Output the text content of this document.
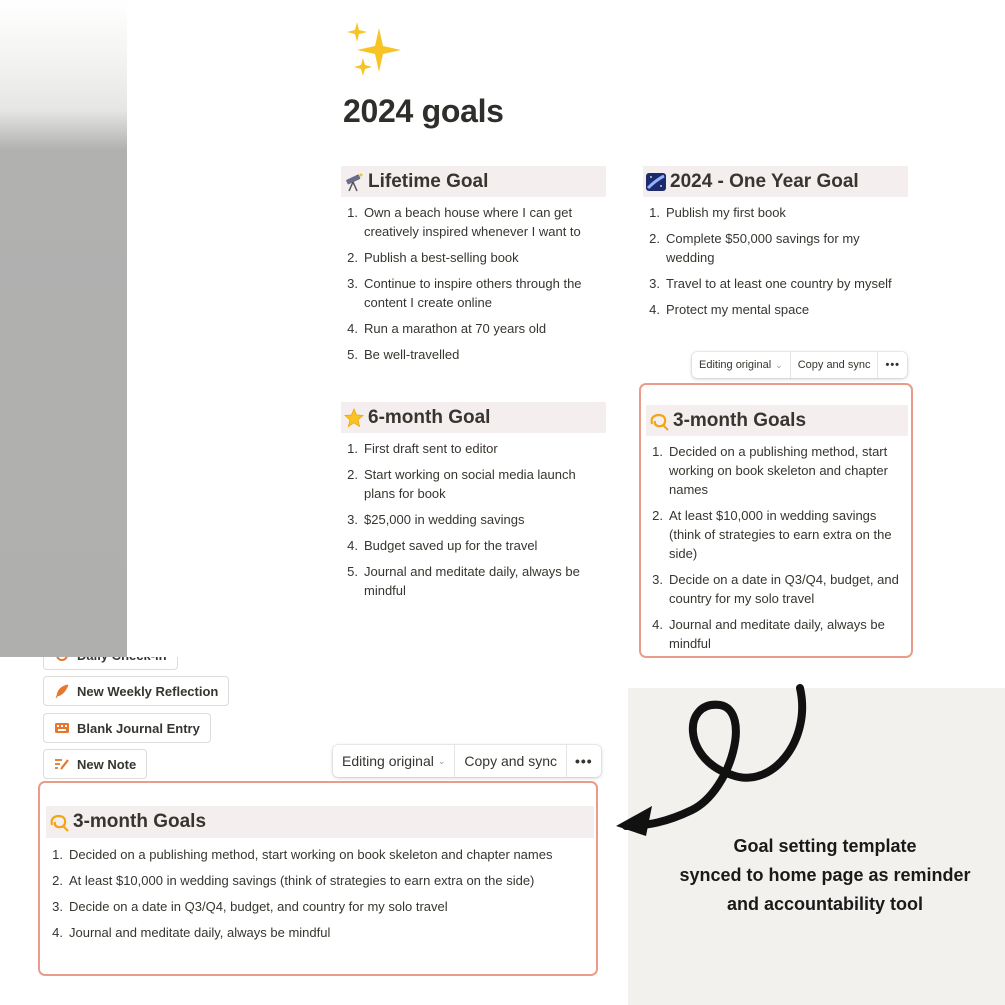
2024 goals
Lifetime Goal
1. Own a beach house where I can get creatively inspired whenever I want to
2. Publish a best-selling book
3. Continue to inspire others through the content I create online
4. Run a marathon at 70 years old
5. Be well-travelled
2024 - One Year Goal
1. Publish my first book
2. Complete $50,000 savings for my wedding
3. Travel to at least one country by myself
4. Protect my mental space
6-month Goal
1. First draft sent to editor
2. Start working on social media launch plans for book
3. $25,000 in wedding savings
4. Budget saved up for the travel
5. Journal and meditate daily, always be mindful
Editing original ⌄ Copy and sync •••
3-month Goals
1. Decided on a publishing method, start working on book skeleton and chapter names
2. At least $10,000 in wedding savings (think of strategies to earn extra on the side)
3. Decide on a date in Q3/Q4, budget, and country for my solo travel
4. Journal and meditate daily, always be mindful
New Weekly Reflection
Blank Journal Entry
New Note	Editing original ⌄ Copy and sync •••
3-month Goals
1. Decided on a publishing method, start working on book skeleton and chapter names
2. At least $10,000 in wedding savings (think of strategies to earn extra on the side)
3. Decide on a date in Q3/Q4, budget, and country for my solo travel
4. Journal and meditate daily, always be mindful
Goal setting template
synced to home page as reminder
and accountability tool
